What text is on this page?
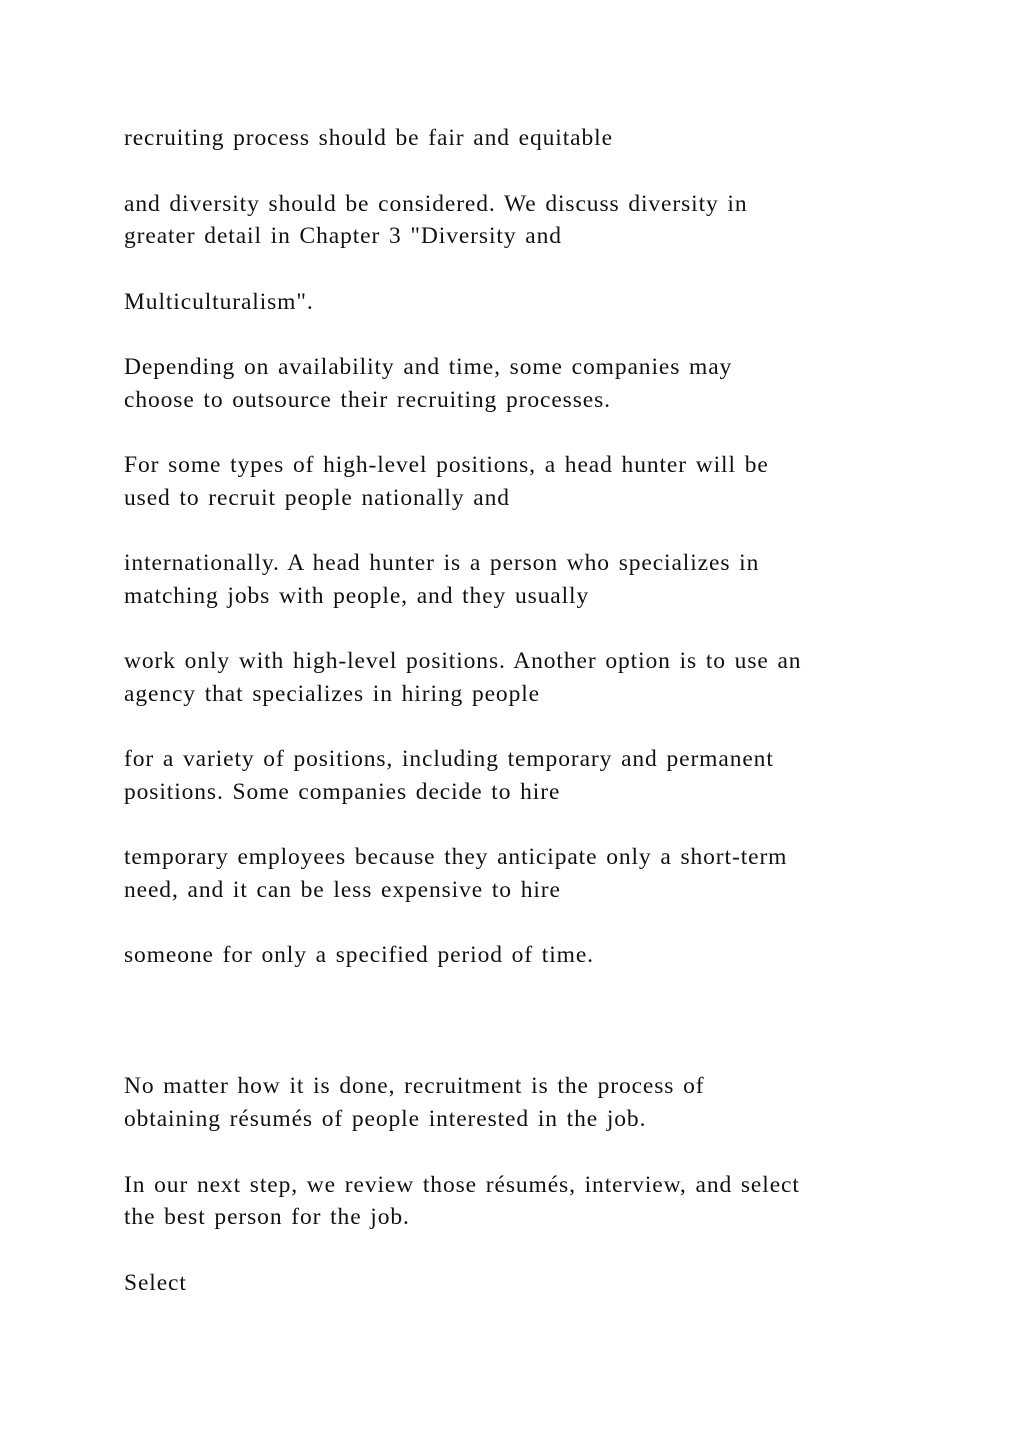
recruiting process should be fair and equitable

and diversity should be considered. We discuss diversity in

greater detail in Chapter 3 "Diversity and

Multiculturalism".

Depending on availability and time, some companies may

choose to outsource their recruiting processes.

For some types of high-level positions, a head hunter will be

used to recruit people nationally and

internationally. A head hunter is a person who specializes in

matching jobs with people, and they usually

work only with high-level positions. Another option is to use an

agency that specializes in hiring people

for a variety of positions, including temporary and permanent

positions. Some companies decide to hire

temporary employees because they anticipate only a short-term

need, and it can be less expensive to hire

someone for only a specified period of time.

No matter how it is done, recruitment is the process of

obtaining résumés of people interested in the job.

In our next step, we review those résumés, interview, and select

the best person for the job.

Select
